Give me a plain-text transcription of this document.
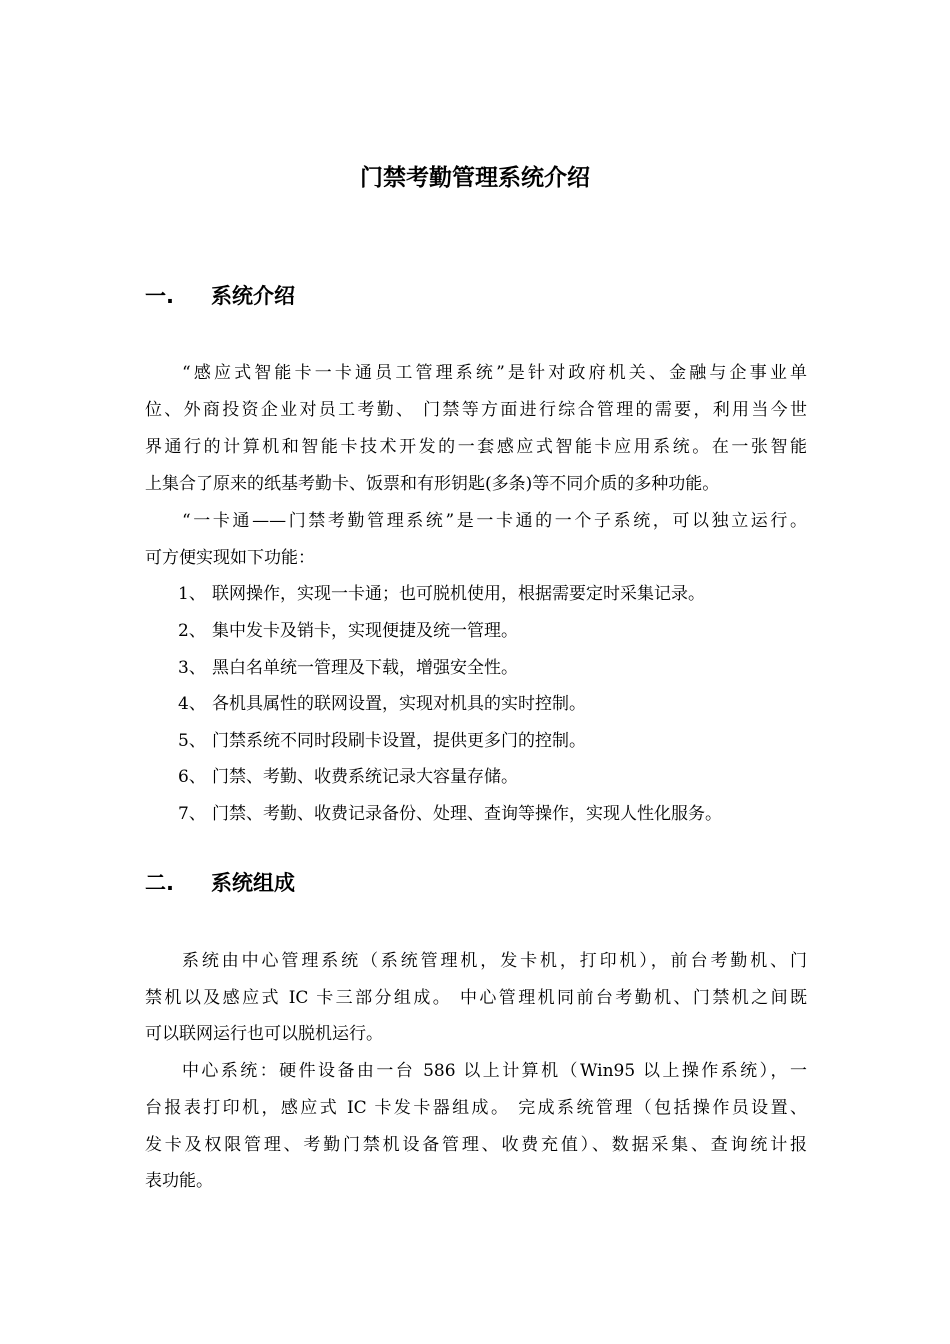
门禁考勤管理系统介绍
一. 系统介绍

“感应式智能卡一卡通员工管理系统”是针对政府机关、金融与企事业单

位、外商投资企业对员工考勤、 门禁等方面进行综合管理的需要，利用当今世

界通行的计算机和智能卡技术开发的一套感应式智能卡应用系统。在一张智能

上集合了原来的纸基考勤卡、饭票和有形钥匙(多条)等不同介质的多种功能。

“一卡通——门禁考勤管理系统”是一卡通的一个子系统，可以独立运行。

可方便实现如下功能：

1、 联网操作，实现一卡通；也可脱机使用，根据需要定时采集记录。

2、 集中发卡及销卡，实现便捷及统一管理。

3、 黑白名单统一管理及下载，增强安全性。

4、 各机具属性的联网设置，实现对机具的实时控制。

5、 门禁系统不同时段刷卡设置，提供更多门的控制。

6、 门禁、考勤、收费系统记录大容量存储。

7、 门禁、考勤、收费记录备份、处理、查询等操作，实现人性化服务。

二. 系统组成

系统由中心管理系统（系统管理机，发卡机，打印机），前台考勤机、门

禁机以及感应式 IC 卡三部分组成。 中心管理机同前台考勤机、门禁机之间既

可以联网运行也可以脱机运行。

中心系统：硬件设备由一台 586 以上计算机（Win95 以上操作系统），一

台报表打印机，感应式 IC 卡发卡器组成。 完成系统管理（包括操作员设置、

发卡及权限管理、考勤门禁机设备管理、收费充值）、数据采集、查询统计报

表功能。
